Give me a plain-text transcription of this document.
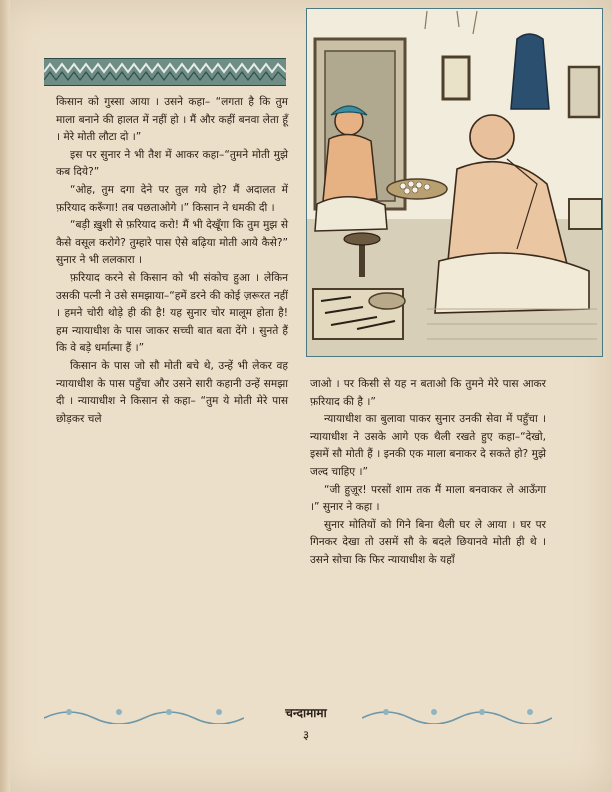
किसान को गुस्सा आया । उसने कहा– “लगता है कि तुम माला बनाने की हालत में नहीं हो । मैं और कहीं बनवा लेता हूँ । मेरे मोती लौटा दो ।”

इस पर सुनार ने भी तैश में आकर कहा–“तुमने मोती मुझे कब दिये?”

“ओह, तुम दगा देने पर तुल गये हो? मैं अदालत में फ़रियाद करूँगा! तब पछताओगे ।” किसान ने धमकी दी ।

“बड़ी ख़ुशी से फ़रियाद करो! मैं भी देखूँगा कि तुम मुझ से कैसे वसूल करोगे? तुम्हारे पास ऐसे बढ़िया मोती आये कैसे?” सुनार ने भी ललकारा ।

फ़रियाद करने से किसान को भी संकोच हुआ । लेकिन उसकी पत्नी ने उसे समझाया–“हमें डरने की कोई ज़रूरत नहीं । हमने चोरी थोड़े ही की है! यह सुनार चोर मालूम होता है! हम न्यायाधीश के पास जाकर सच्ची बात बता देंगे । सुनते हैं कि वे बड़े धर्मात्मा हैं ।”

किसान के पास जो सौ मोती बचे थे, उन्हें भी लेकर वह न्यायाधीश के पास पहुँचा और उसने सारी कहानी उन्हें समझा दी । न्यायाधीश ने किसान से कहा– “तुम ये मोती मेरे पास छोड़कर चले

जाओ । पर किसी से यह न बताओ कि तुमने मेरे पास आकर फ़रियाद की है ।”

न्यायाधीश का बुलावा पाकर सुनार उनकी सेवा में पहुँचा । न्यायाधीश ने उसके आगे एक थैली रखते हुए कहा–“देखो, इसमें सौ मोती हैं । इनकी एक माला बनाकर दे सकते हो? मुझे जल्द चाहिए ।”

“जी हुज़ूर! परसों शाम तक मैं माला बनवाकर ले आऊँगा ।” सुनार ने कहा ।

सुनार मोतियों को गिने बिना थैली घर ले आया । घर पर गिनकर देखा तो उसमें सौ के बदले छियानवे मोती ही थे । उसने सोचा कि फिर न्यायाधीश के यहाँ

चन्दामामा
३
